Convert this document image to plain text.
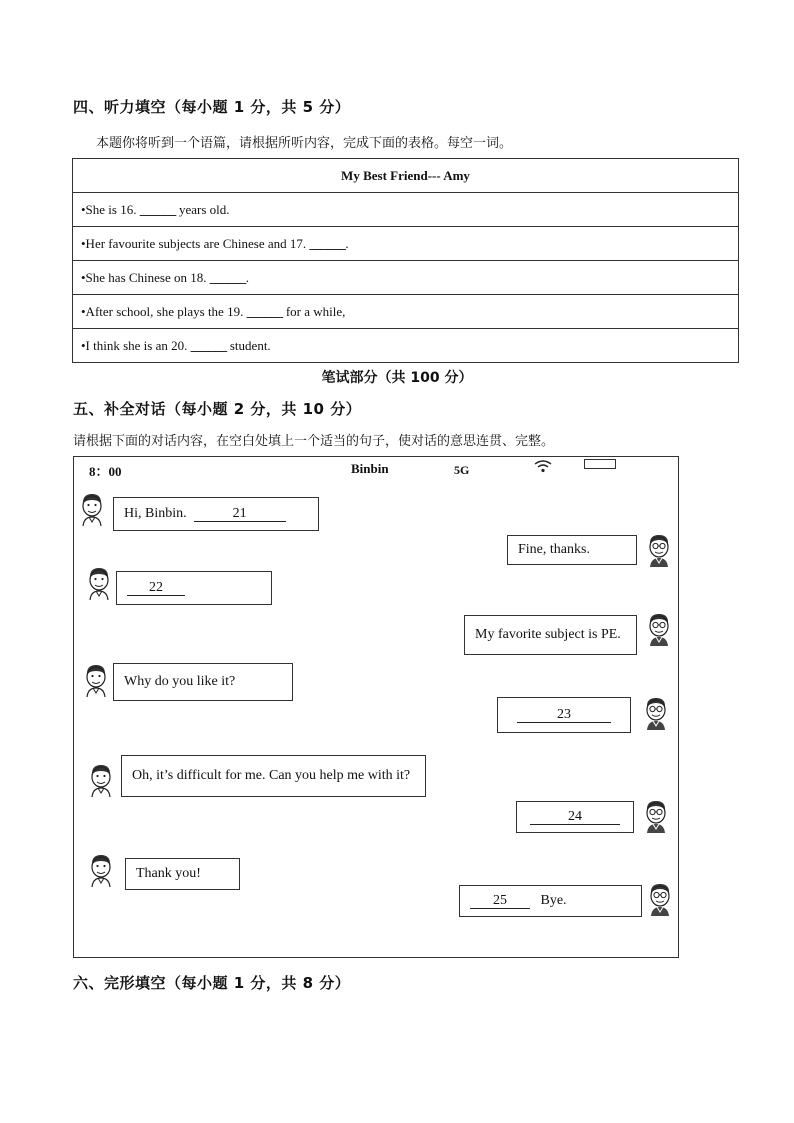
四、听力填空（每小题 1 分，共 5 分）
本题你将听到一个语篇，请根据所听内容，完成下面的表格。每空一词。
My Best Friend--- Amy
•She is 16. ______ years old.
•Her favourite subjects are Chinese and 17. ______.
•She has Chinese on 18. ______.
•After school, she plays the 19. ______ for a while,
•I think she is an 20. ______ student.
笔试部分（共 100 分）
五、补全对话（每小题 2 分，共 10 分）
请根据下面的对话内容，在空白处填上一个适当的句子，使对话的意思连贯、完整。
8：00	Binbin	5G
Hi, Binbin.
	21
Fine, thanks.
22
My favorite subject is PE.
Why do you like it?
23
Oh, it’s difficult for me. Can you help me with it?
24
Thank you!
25
	Bye.
六、完形填空（每小题 1 分，共 8 分）
